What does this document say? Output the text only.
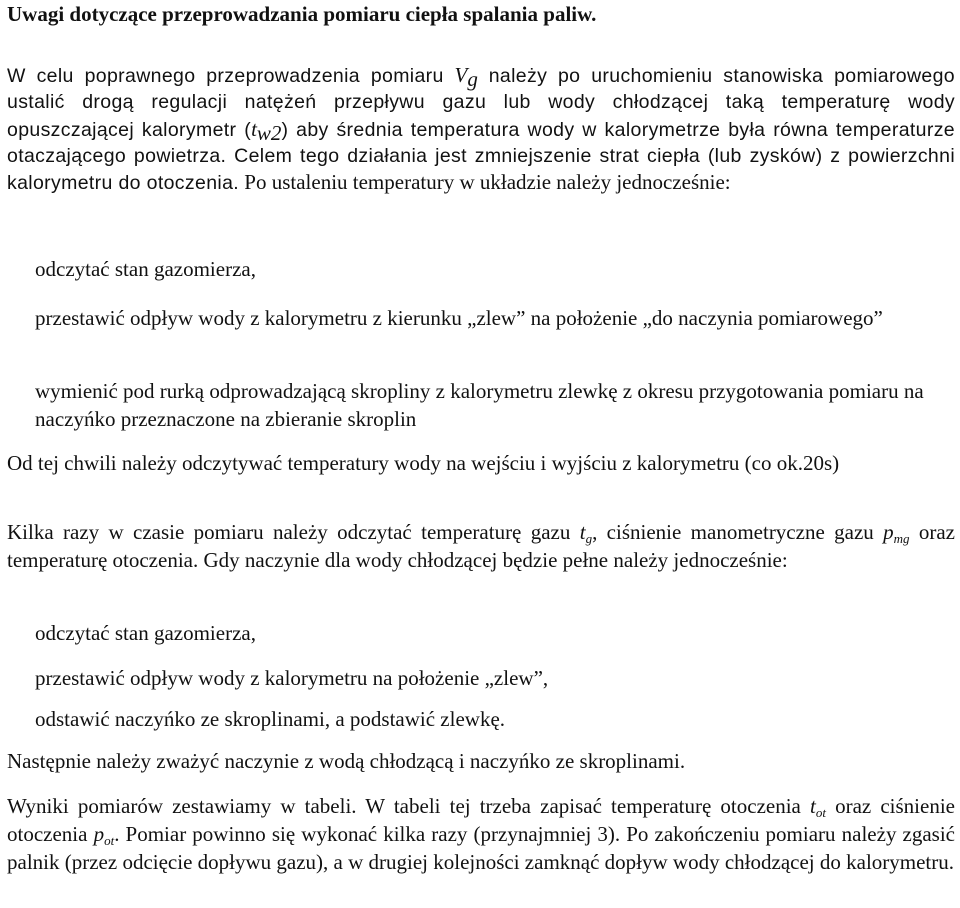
Uwagi dotyczące przeprowadzania pomiaru ciepła spalania paliw.

W celu poprawnego przeprowadzenia pomiaru $V_g$ należy po uruchomieniu stanowiska pomiarowego ustalić drogą regulacji natężeń przepływu gazu lub wody chłodzącej taką temperaturę wody opuszczającej kalorymetr $(t_{w2})$ aby średnia temperatura wody w kalorymetrze była równa temperaturze otaczającego powietrza. Celem tego działania jest zmniejszenie strat ciepła (lub zysków) z powierzchni kalorymetru do otoczenia. Po ustaleniu temperatury w układzie należy jednocześnie:

odczytać stan gazomierza,

przestawić odpływ wody z kalorymetru z kierunku „zlew” na położenie „do naczynia pomiarowego”

wymienić pod rurką odprowadzającą skropliny z kalorymetru zlewkę z okresu przygotowania pomiaru na naczyńko przeznaczone na zbieranie skroplin

Od tej chwili należy odczytywać temperatury wody na wejściu i wyjściu z kalorymetru (co ok.20s)

Kilka razy w czasie pomiaru należy odczytać temperaturę gazu $t_g$, ciśnienie manometryczne gazu $p_{mg}$ oraz temperaturę otoczenia. Gdy naczynie dla wody chłodzącej będzie pełne należy jednocześnie:

odczytać stan gazomierza,

przestawić odpływ wody z kalorymetru na położenie „zlew”,

odstawić naczyńko ze skroplinami, a podstawić zlewkę.

Następnie należy zważyć naczynie z wodą chłodzącą i naczyńko ze skroplinami.

Wyniki pomiarów zestawiamy w tabeli. W tabeli tej trzeba zapisać temperaturę otoczenia $t_{ot}$ oraz ciśnienie otoczenia $p_{ot}$. Pomiar powinno się wykonać kilka razy (przynajmniej 3). Po zakończeniu pomiaru należy zgasić palnik (przez odcięcie dopływu gazu), a w drugiej kolejności zamknąć dopływ wody chłodzącej do kalorymetru.
